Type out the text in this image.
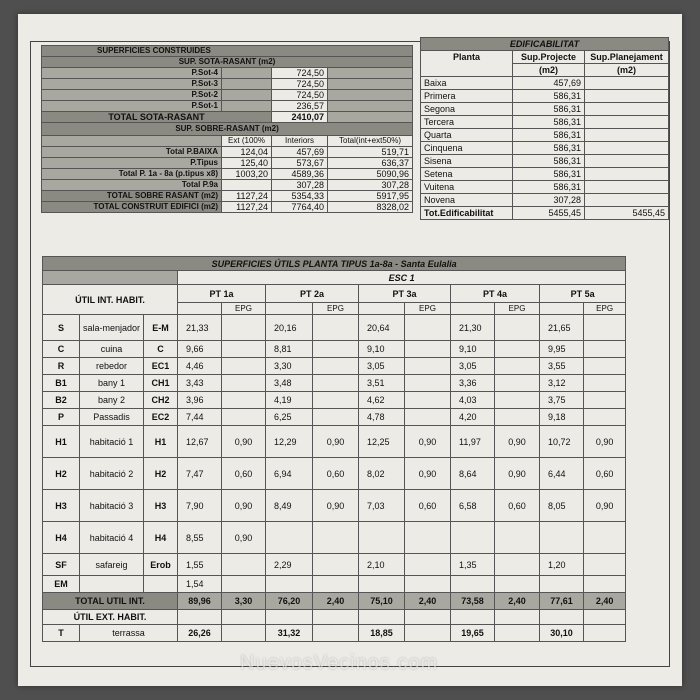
SUPERFICIES CONSTRUIDES			
SUP. SOTA-RASANT (m2)			
P.Sot-4		724,50	
P.Sot-3		724,50	
P.Sot-2		724,50	
P.Sot-1		236,57	
TOTAL SOTA-RASANT		2410,07	
SUP. SOBRE-RASANT (m2)			
	Ext (100%	Interiors	Total(int+ext50%)
Total P.BAIXA	124,04	457,69	519,71
P.Tipus	125,40	573,67	636,37
Total P. 1a - 8a (p.tipus x8)	1003,20	4589,36	5090,96
Total P.9a		307,28	307,28
TOTAL SOBRE RASANT (m2)	1127,24	5354,33	5917,95
TOTAL CONSTRUIT EDIFICI (m2)	1127,24	7764,40	8328,02
EDIFICABILITAT		
Planta	Sup.Projecte	Sup.Planejament
	(m2)	(m2)
Baixa	457,69	
Primera	586,31	
Segona	586,31	
Tercera	586,31	
Quarta	586,31	
Cinquena	586,31	
Sisena	586,31	
Setena	586,31	
Vuitena	586,31	
Novena	307,28	
Tot.Edificabilitat	5455,45	5455,45
SUPERFICIES ÚTILS PLANTA TIPUS 1a-8a - Santa Eulalia												
			ESC 1									
ÚTIL INT. HABIT.			PT 1a		PT 2a		PT 3a		PT 4a		PT 5a	
				EPG		EPG		EPG		EPG		EPG
S	sala-menjador	E-M	21,33		20,16		20,64		21,30		21,65	
C	cuina	C	9,66		8,81		9,10		9,10		9,95	
R	rebedor	EC1	4,46		3,30		3,05		3,05		3,55	
B1	bany 1	CH1	3,43		3,48		3,51		3,36		3,12	
B2	bany 2	CH2	3,96		4,19		4,62		4,03		3,75	
P	Passadis	EC2	7,44		6,25		4,78		4,20		9,18	
H1	habitació 1	H1	12,67	0,90	12,29	0,90	12,25	0,90	11,97	0,90	10,72	0,90
H2	habitació 2	H2	7,47	0,60	6,94	0,60	8,02	0,90	8,64	0,90	6,44	0,60
H3	habitació 3	H3	7,90	0,90	8,49	0,90	7,03	0,60	6,58	0,60	8,05	0,90
H4	habitació 4	H4	8,55	0,90								
SF	safareig	Erob	1,55		2,29		2,10		1,35		1,20	
EM			1,54									
TOTAL UTIL INT.			89,96	3,30	76,20	2,40	75,10	2,40	73,58	2,40	77,61	2,40
ÚTIL EXT. HABIT.												
T	terrassa		26,26		31,32		18,85		19,65		30,10	
NuevosVecinos.com
